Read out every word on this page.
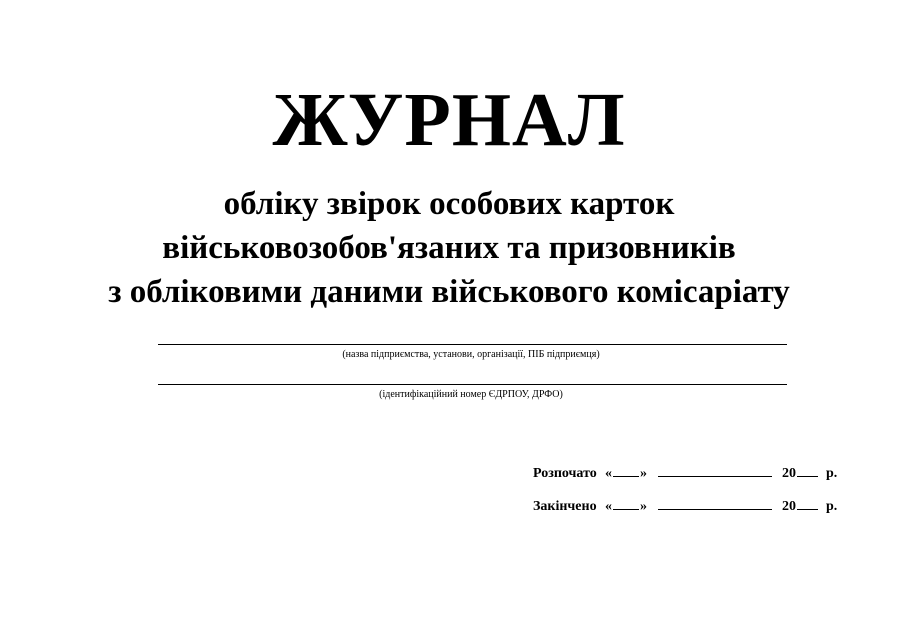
ЖУРНАЛ

обліку звірок особових карток

військовозобов'язаних та призовників

з обліковими даними військового комісаріату

(назва підприємства, установи, організації, ПІБ підприємця)

(ідентифікаційний номер ЄДРПОУ, ДРФО)

Розпочато « »	20 р.
Закінчено « »	20 р.
